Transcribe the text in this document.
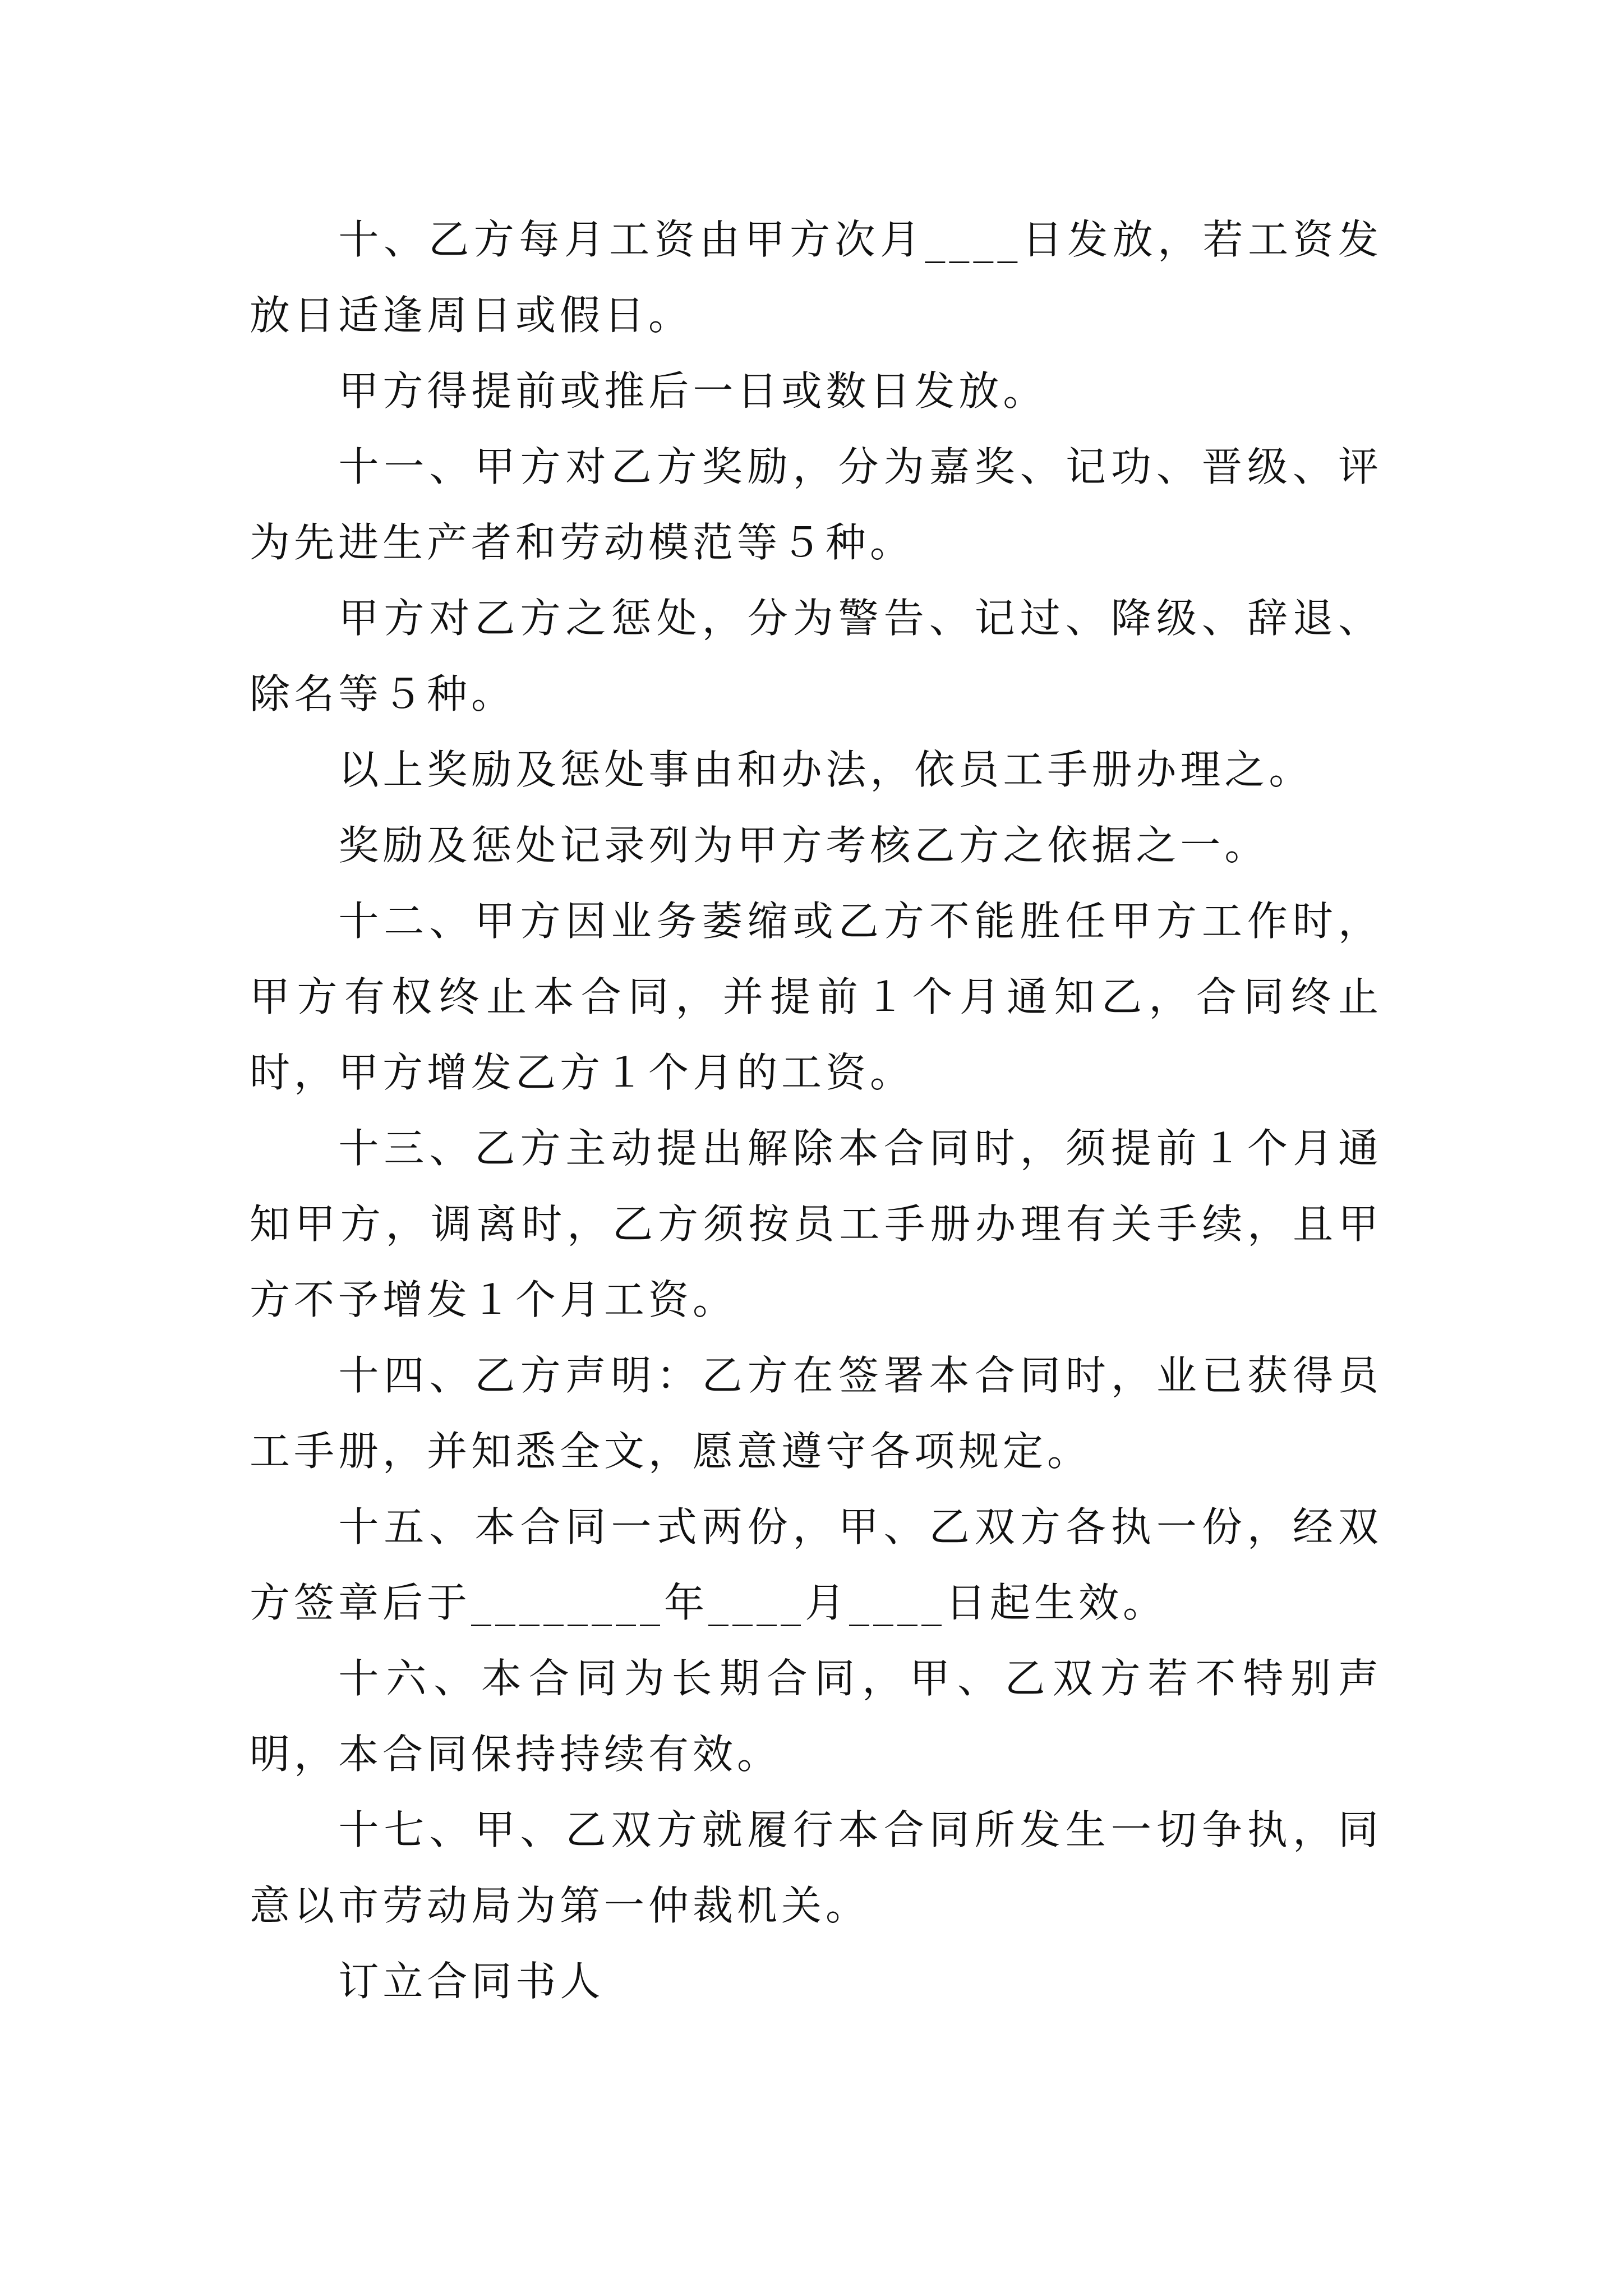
十、乙方每月工资由甲方次月____日发放，若工资发放日适逢周日或假日。

甲方得提前或推后一日或数日发放。

十一、甲方对乙方奖励，分为嘉奖、记功、晋级、评为先进生产者和劳动模范等５种。

甲方对乙方之惩处，分为警告、记过、降级、辞退、除名等５种。

以上奖励及惩处事由和办法，依员工手册办理之。

奖励及惩处记录列为甲方考核乙方之依据之一。

十二、甲方因业务萎缩或乙方不能胜任甲方工作时，甲方有权终止本合同，并提前１个月通知乙，合同终止时，甲方增发乙方１个月的工资。

十三、乙方主动提出解除本合同时，须提前１个月通知甲方，调离时，乙方须按员工手册办理有关手续，且甲方不予增发１个月工资。

十四、乙方声明：乙方在签署本合同时，业已获得员工手册，并知悉全文，愿意遵守各项规定。

十五、本合同一式两份，甲、乙双方各执一份，经双方签章后于________年____月____日起生效。

十六、本合同为长期合同，甲、乙双方若不特别声明，本合同保持持续有效。

十七、甲、乙双方就履行本合同所发生一切争执，同意以市劳动局为第一仲裁机关。

订立合同书人
